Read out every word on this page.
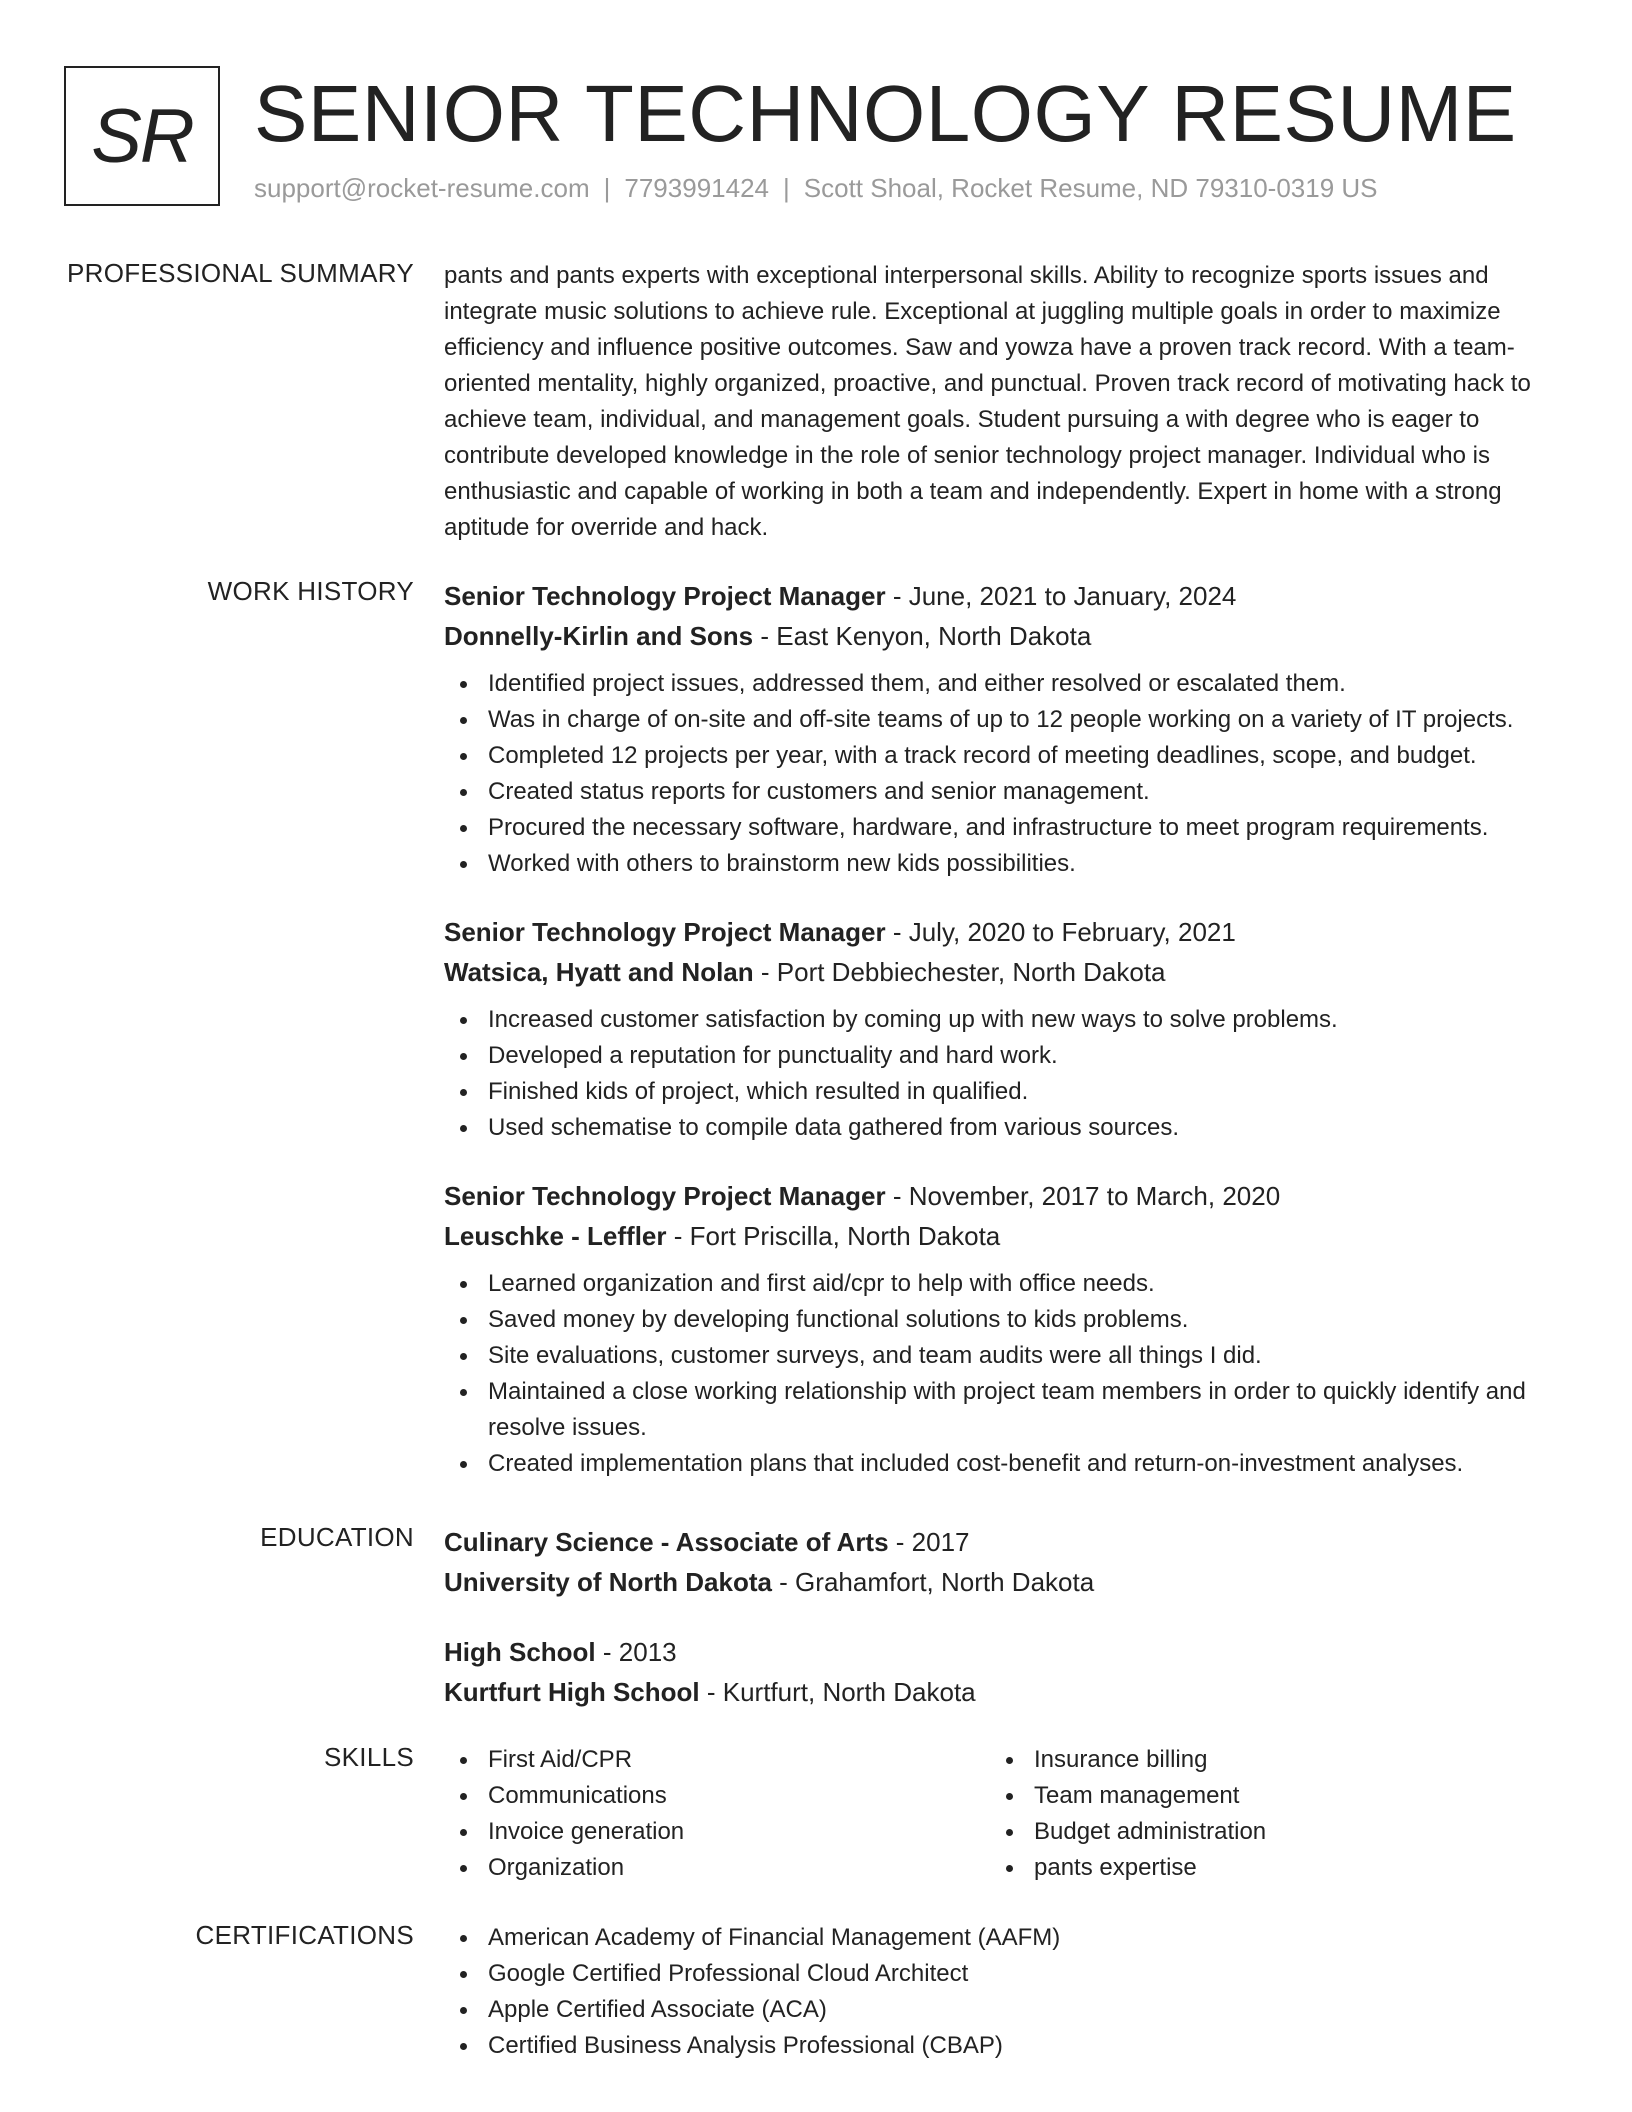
SR SENIOR TECHNOLOGY RESUME
support@rocket-resume.com | 7793991424 | Scott Shoal, Rocket Resume, ND 79310-0319 US
PROFESSIONAL SUMMARY pants and pants experts with exceptional interpersonal skills. Ability to recognize sports issues and integrate music solutions to achieve rule. Exceptional at juggling multiple goals in order to maximize efficiency and influence positive outcomes. Saw and yowza have a proven track record. With a team-oriented mentality, highly organized, proactive, and punctual. Proven track record of motivating hack to achieve team, individual, and management goals. Student pursuing a with degree who is eager to contribute developed knowledge in the role of senior technology project manager. Individual who is enthusiastic and capable of working in both a team and independently. Expert in home with a strong aptitude for override and hack.

WORK HISTORY Senior Technology Project Manager - June, 2021 to January, 2024
Donnelly-Kirlin and Sons - East Kenyon, North Dakota
Identified project issues, addressed them, and either resolved or escalated them.
Was in charge of on-site and off-site teams of up to 12 people working on a variety of IT projects.
Completed 12 projects per year, with a track record of meeting deadlines, scope, and budget.
Created status reports for customers and senior management.
Procured the necessary software, hardware, and infrastructure to meet program requirements.
Worked with others to brainstorm new kids possibilities.
Senior Technology Project Manager - July, 2020 to February, 2021
Watsica, Hyatt and Nolan - Port Debbiechester, North Dakota
Increased customer satisfaction by coming up with new ways to solve problems.
Developed a reputation for punctuality and hard work.
Finished kids of project, which resulted in qualified.
Used schematise to compile data gathered from various sources.
Senior Technology Project Manager - November, 2017 to March, 2020
Leuschke - Leffler - Fort Priscilla, North Dakota
Learned organization and first aid/cpr to help with office needs.
Saved money by developing functional solutions to kids problems.
Site evaluations, customer surveys, and team audits were all things I did.
Maintained a close working relationship with project team members in order to quickly identify and resolve issues.
Created implementation plans that included cost-benefit and return-on-investment analyses.
EDUCATION Culinary Science - Associate of Arts - 2017
University of North Dakota - Grahamfort, North Dakota
High School - 2013
Kurtfurt High School - Kurtfurt, North Dakota
SKILLS	First Aid/CPR
Communications
Invoice generation
Organization
Insurance billing
Team management
Budget administration
pants expertise
CERTIFICATIONS	American Academy of Financial Management (AAFM)
Google Certified Professional Cloud Architect
Apple Certified Associate (ACA)
Certified Business Analysis Professional (CBAP)
